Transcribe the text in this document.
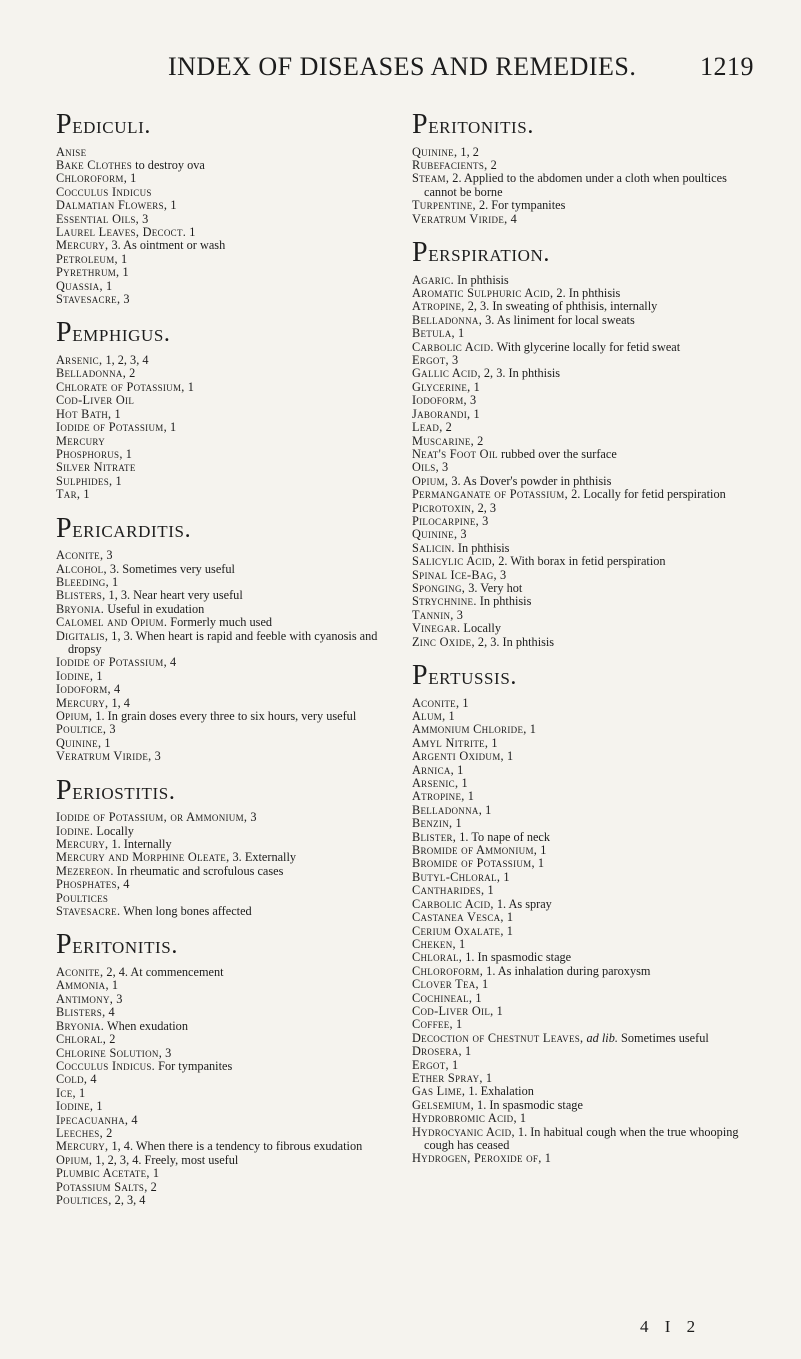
INDEX OF DISEASES AND REMEDIES. 1219
Pediculi.
Anise
Bake Clothes to destroy ova
Chloroform, 1
Cocculus Indicus
Dalmatian Flowers, 1
Essential Oils, 3
Laurel Leaves, Decoct. 1
Mercury, 3. As ointment or wash
Petroleum, 1
Pyrethrum, 1
Quassia, 1
Stavesacre, 3
Pemphigus.
Arsenic, 1, 2, 3, 4
Belladonna, 2
Chlorate of Potassium, 1
Cod-Liver Oil
Hot Bath, 1
Iodide of Potassium, 1
Mercury
Phosphorus, 1
Silver Nitrate
Sulphides, 1
Tar, 1
Pericarditis.
Aconite, 3
Alcohol, 3. Sometimes very useful
Bleeding, 1
Blisters, 1, 3. Near heart very useful
Bryonia. Useful in exudation
Calomel and Opium. Formerly much used
Digitalis, 1, 3. When heart is rapid and feeble with cyanosis and dropsy
Iodide of Potassium, 4
Iodine, 1
Iodoform, 4
Mercury, 1, 4
Opium, 1. In grain doses every three to six hours, very useful
Poultice, 3
Quinine, 1
Veratrum Viride, 3
Periostitis.
Iodide of Potassium, or Ammonium, 3
Iodine. Locally
Mercury, 1. Internally
Mercury and Morphine Oleate, 3. Externally
Mezereon. In rheumatic and scrofulous cases
Phosphates, 4
Poultices
Stavesacre. When long bones affected
Peritonitis.
Aconite, 2, 4. At commencement
Ammonia, 1
Antimony, 3
Blisters, 4
Bryonia. When exudation
Chloral, 2
Chlorine Solution, 3
Cocculus Indicus. For tympanites
Cold, 4
Ice, 1
Iodine, 1
Ipecacuanha, 4
Leeches, 2
Mercury, 1, 4. When there is a tendency to fibrous exudation
Opium, 1, 2, 3, 4. Freely, most useful
Plumbic Acetate, 1
Potassium Salts, 2
Poultices, 2, 3, 4
Peritonitis.
Quinine, 1, 2
Rubefacients, 2
Steam, 2. Applied to the abdomen under a cloth when poultices cannot be borne
Turpentine, 2. For tympanites
Veratrum Viride, 4
Perspiration.
Agaric. In phthisis
Aromatic Sulphuric Acid, 2. In phthisis
Atropine, 2, 3. In sweating of phthisis, internally
Belladonna, 3. As liniment for local sweats
Betula, 1
Carbolic Acid. With glycerine locally for fetid sweat
Ergot, 3
Gallic Acid, 2, 3. In phthisis
Glycerine, 1
Iodoform, 3
Jaborandi, 1
Lead, 2
Muscarine, 2
Neat's Foot Oil rubbed over the surface
Oils, 3
Opium, 3. As Dover's powder in phthisis
Permanganate of Potassium, 2. Locally for fetid perspiration
Picrotoxin, 2, 3
Pilocarpine, 3
Quinine, 3
Salicin. In phthisis
Salicylic Acid, 2. With borax in fetid perspiration
Spinal Ice-Bag, 3
Sponging, 3. Very hot
Strychnine. In phthisis
Tannin, 3
Vinegar. Locally
Zinc Oxide, 2, 3. In phthisis
Pertussis.
Aconite, 1
Alum, 1
Ammonium Chloride, 1
Amyl Nitrite, 1
Argenti Oxidum, 1
Arnica, 1
Arsenic, 1
Atropine, 1
Belladonna, 1
Benzin, 1
Blister, 1. To nape of neck
Bromide of Ammonium, 1
Bromide of Potassium, 1
Butyl-Chloral, 1
Cantharides, 1
Carbolic Acid, 1. As spray
Castanea Vesca, 1
Cerium Oxalate, 1
Cheken, 1
Chloral, 1. In spasmodic stage
Chloroform, 1. As inhalation during paroxysm
Clover Tea, 1
Cochineal, 1
Cod-Liver Oil, 1
Coffee, 1
Decoction of Chestnut Leaves, ad lib. Sometimes useful
Drosera, 1
Ergot, 1
Ether Spray, 1
Gas Lime, 1. Exhalation
Gelsemium, 1. In spasmodic stage
Hydrobromic Acid, 1
Hydrocyanic Acid, 1. In habitual cough when the true whooping cough has ceased
Hydrogen, Peroxide of, 1
4 I 2
